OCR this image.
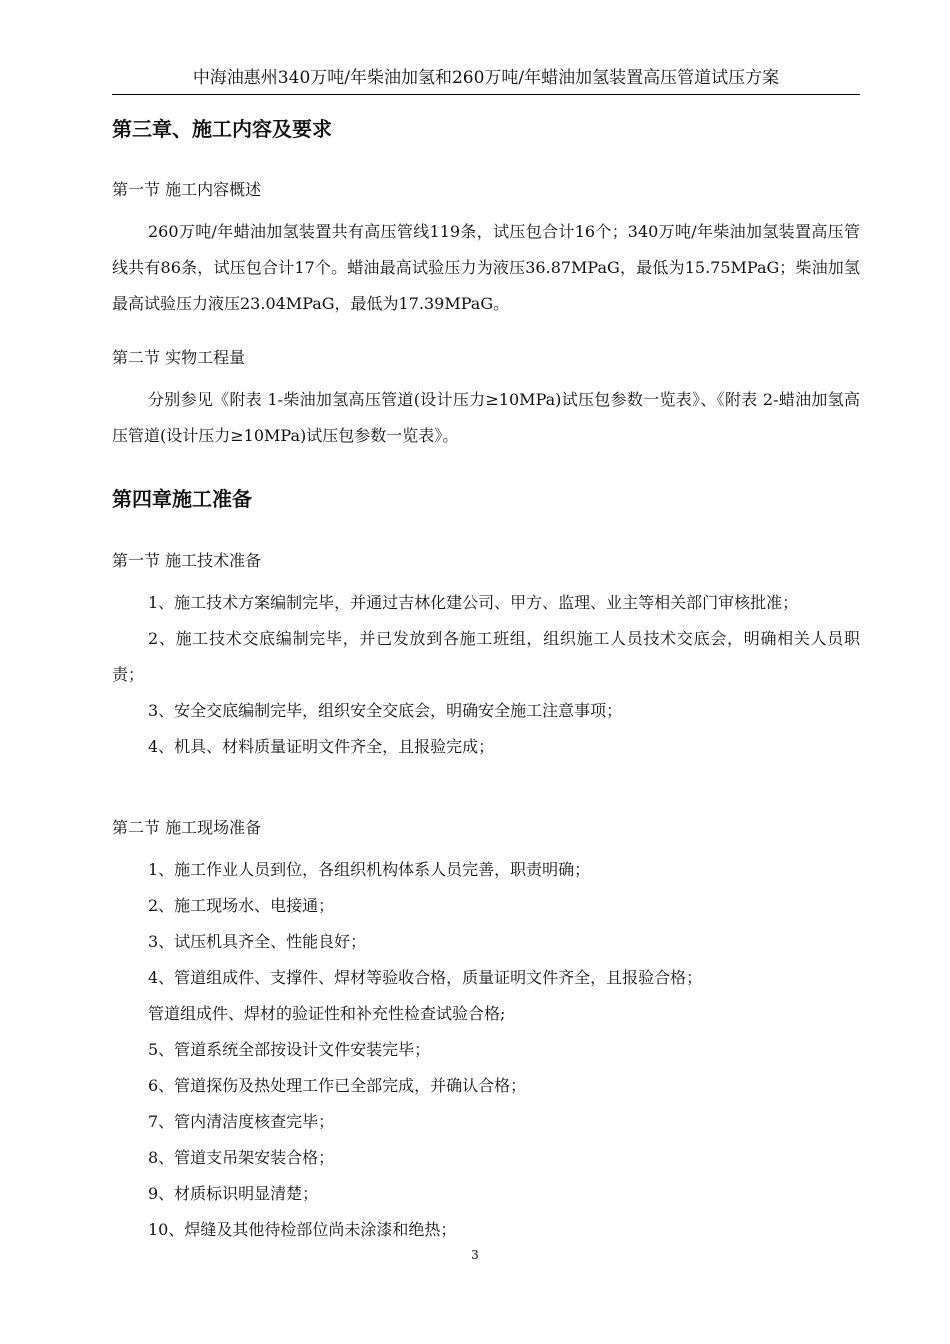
中海油惠州340万吨/年柴油加氢和260万吨/年蜡油加氢装置高压管道试压方案
第三章、施工内容及要求
第一节 施工内容概述
260万吨/年蜡油加氢装置共有高压管线119条，试压包合计16个；340万吨/年柴油加氢装置高压管线共有86条，试压包合计17个。蜡油最高试验压力为液压36.87MPaG，最低为15.75MPaG；柴油加氢最高试验压力液压23.04MPaG，最低为17.39MPaG。
第二节 实物工程量
分别参见《附表 1-柴油加氢高压管道(设计压力≥10MPa)试压包参数一览表》、《附表 2-蜡油加氢高压管道(设计压力≥10MPa)试压包参数一览表》。
第四章施工准备
第一节 施工技术准备
1、施工技术方案编制完毕，并通过吉林化建公司、甲方、监理、业主等相关部门审核批准；
2、施工技术交底编制完毕，并已发放到各施工班组，组织施工人员技术交底会，明确相关人员职责；
3、安全交底编制完毕，组织安全交底会，明确安全施工注意事项；
4、机具、材料质量证明文件齐全，且报验完成；
第二节 施工现场准备
1、施工作业人员到位，各组织机构体系人员完善，职责明确；
2、施工现场水、电接通；
3、试压机具齐全、性能良好；
4、管道组成件、支撑件、焊材等验收合格，质量证明文件齐全，且报验合格；
管道组成件、焊材的验证性和补充性检查试验合格;
5、管道系统全部按设计文件安装完毕；
6、管道探伤及热处理工作已全部完成，并确认合格；
7、管内清洁度核查完毕；
8、管道支吊架安装合格；
9、材质标识明显清楚；
10、焊缝及其他待检部位尚未涂漆和绝热；
3
